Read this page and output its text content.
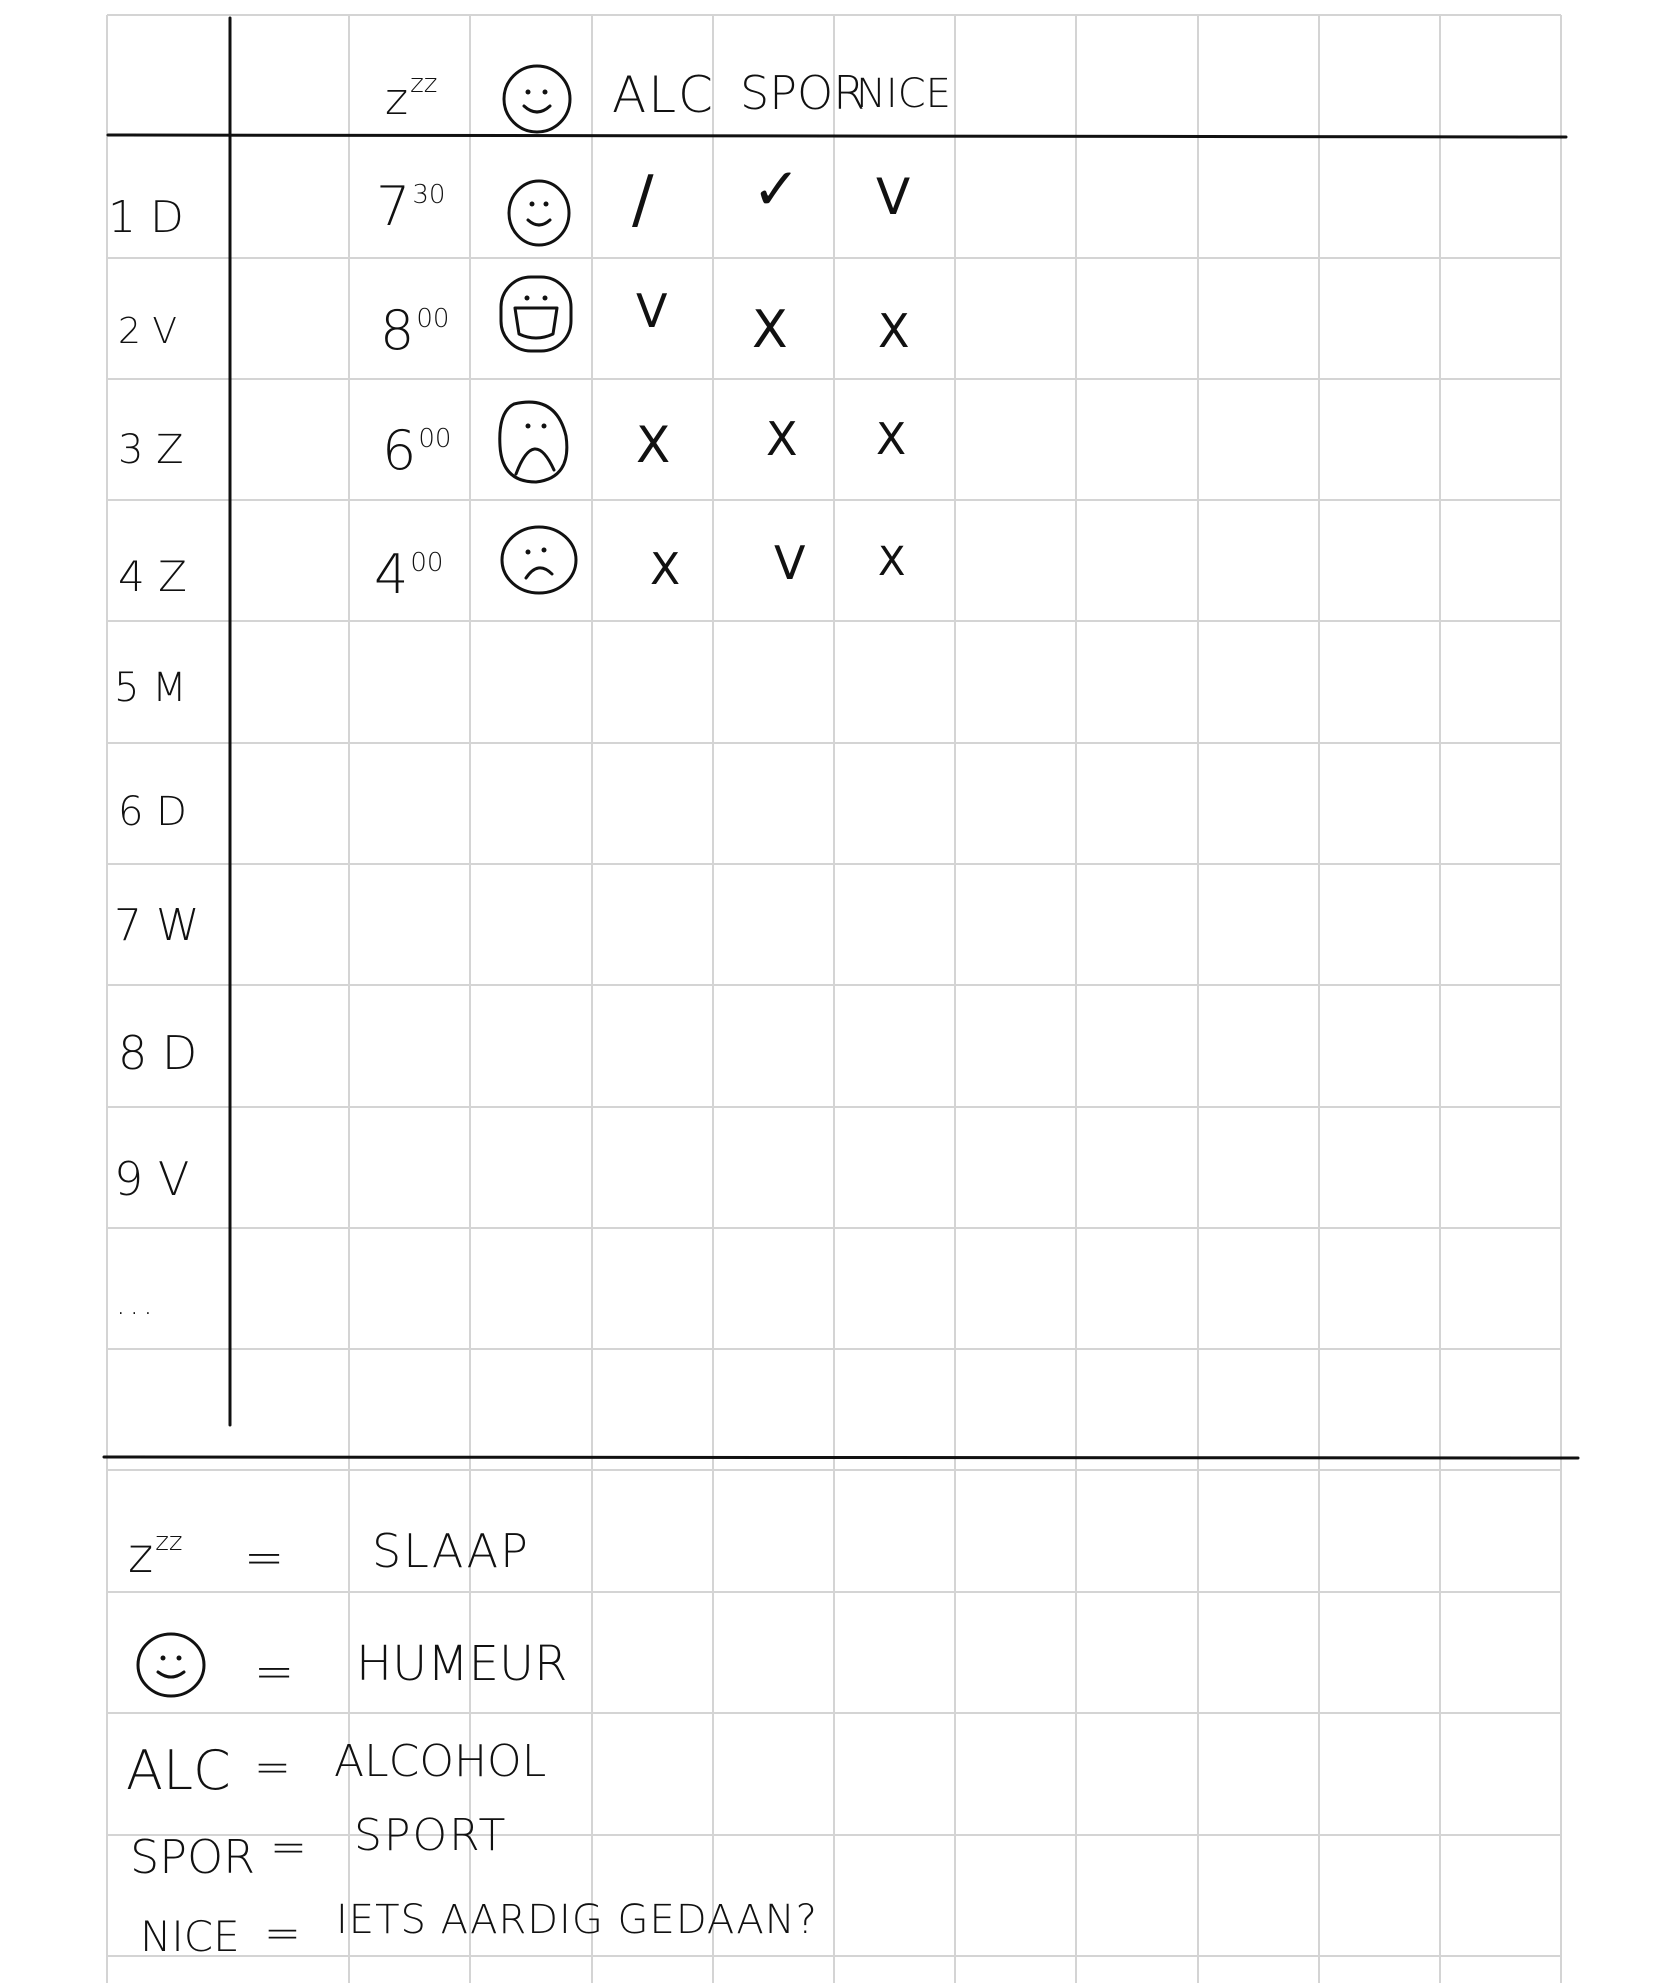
$z^{zz}$	ALC SPOR
NICE
1 D
2 V
3 Z
4 Z
5 M
6 D
7 W
8 D
9 V
...
$7^{30}$
$8^{00}$
$6^{00}$
$4^{00}$
/ ✓ V
V X X
X X X
X V X
$z^{zz}$ = SLAAP
= HUMEUR
ALC = ALCOHOL
SPOR = SPORT
NICE = IETS AARDIG GEDAAN?
